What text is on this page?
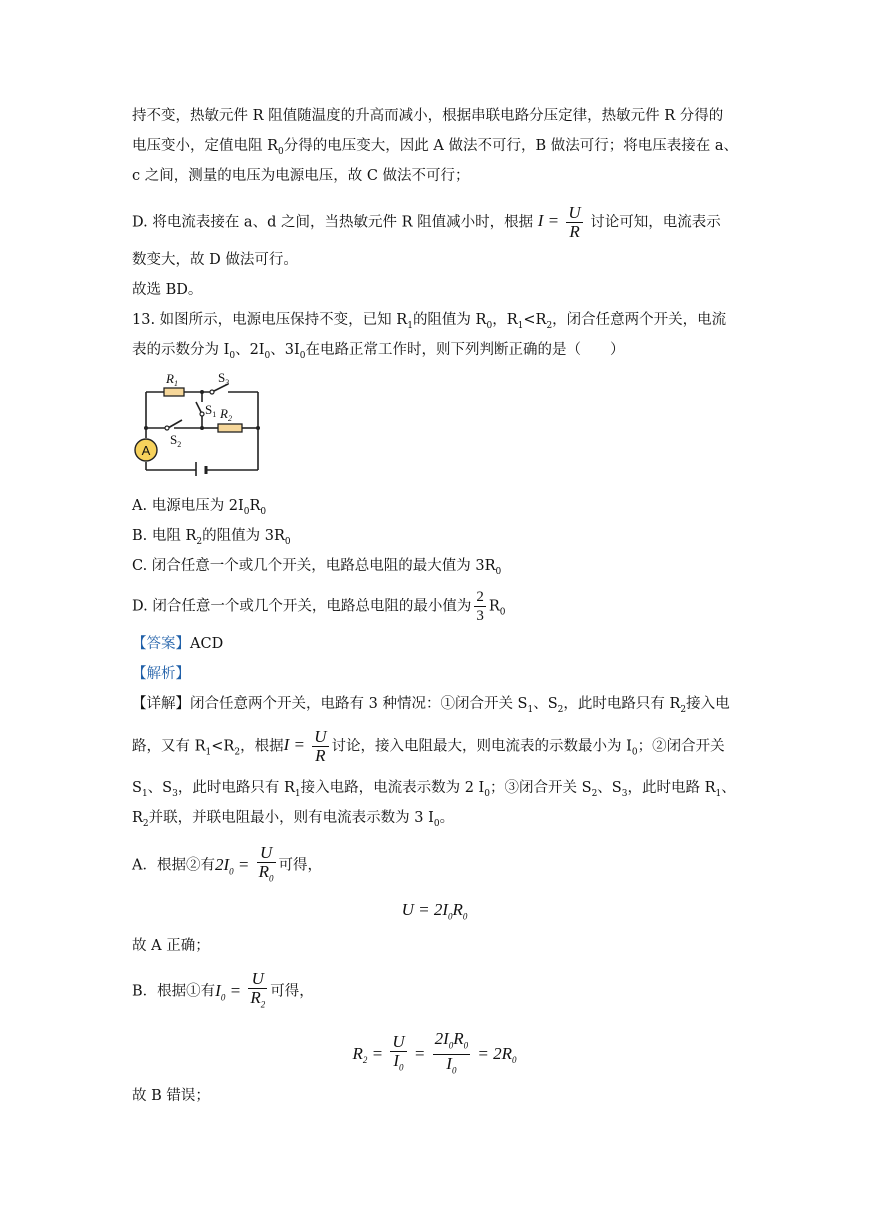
持不变，热敏元件 R 阻值随温度的升高而减小，根据串联电路分压定律，热敏元件 R 分得的
电压变小，定值电阻 $R_0$分得的电压变大，因此 A 做法不可行，B 做法可行；将电压表接在 a、
c 之间，测量的电压为电源电压，故 C 做法不可行；
D. 将电流表接在 a、d 之间，当热敏元件 R 阻值减小时，根据 $I = \frac{U}{R}$ 讨论可知，电流表示
数变大，故 D 做法可行。
故选 BD。
13. 如图所示，电源电压保持不变，已知 $R_1$的阻值为 $R_0$，$R_1<R_2$，闭合任意两个开关，电流
表的示数分为 $I_0$、$2I_0$、$3I_0$在电路正常工作时，则下列判断正确的是（　　）
A
$R_1$
$R_2$
$S_3$
$S_1$
$S_2$
A. 电源电压为 $2I_0R_0$
B. 电阻 $R_2$的阻值为 $3R_0$
C. 闭合任意一个或几个开关，电路总电阻的最大值为 $3R_0$
D. 闭合任意一个或几个开关，电路总电阻的最小值为 $\frac{2}{3} R_0$
【答案】ACD
【解析】
【详解】闭合任意两个开关，电路有 3 种情况：①闭合开关 $S_1$、$S_2$，此时电路只有 $R_2$接入电
路，又有 $R_1<R_2$，根据$I = \frac{U}{R}$ 讨论，接入电阻最大，则电流表的示数最小为 $I_0$；②闭合开关
$S_1$、$S_3$，此时电路只有 $R_1$接入电路，电流表示数为 2 $I_0$；③闭合开关 $S_2$、$S_3$，此时电路 $R_1$、
$R_2$并联，并联电阻最小，则有电流表示数为 3 $I_0$。
A．根据②有$2I_0 = \frac{U}{R_0}$ 可得，
$U = 2I_0R_0$
故 A 正确；
B．根据①有$I_0 = \frac{U}{R_2}$ 可得，
$R_2 = \frac{U}{I_0} = \frac{2I_0R_0}{I_0} = 2R_0$
故 B 错误；
